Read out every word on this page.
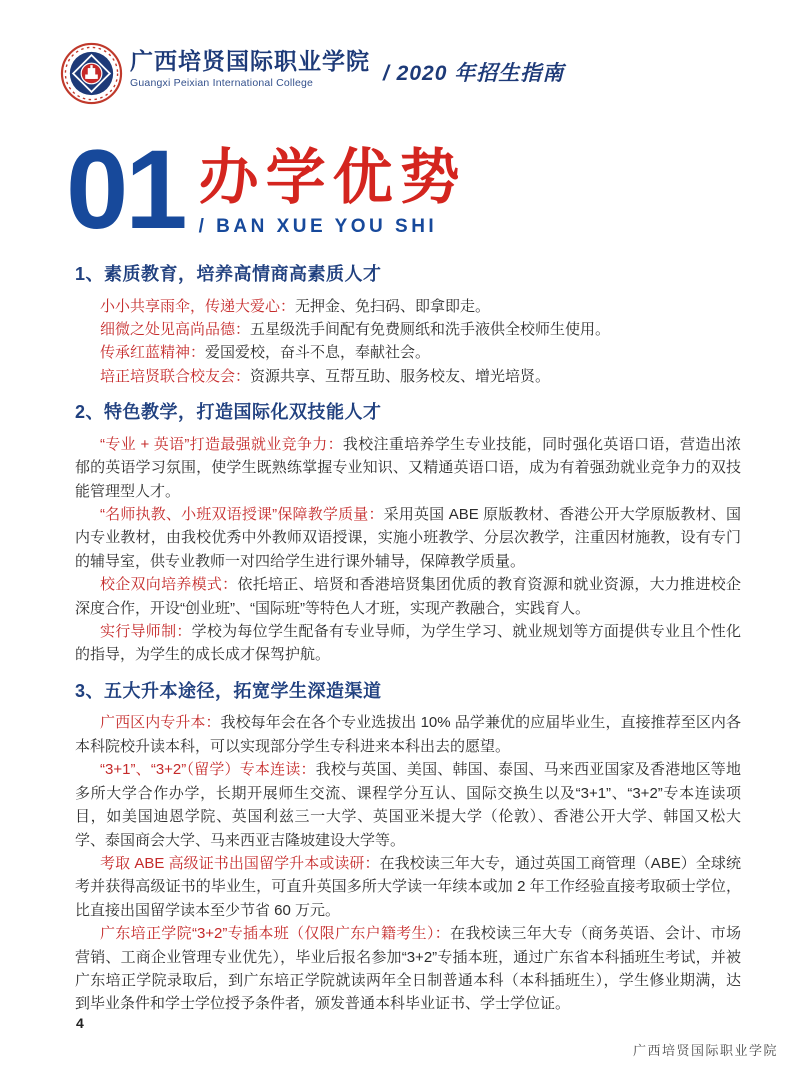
广西培贤国际职业学院
Guangxi Peixian International College	/ 2020 年招生指南
01 办学优势
/ BAN XUE YOU SHI
1、素质教育，培养高情商高素质人才

小小共享雨伞，传递大爱心：无押金、免扫码、即拿即走。

细微之处见高尚品德：五星级洗手间配有免费厕纸和洗手液供全校师生使用。

传承红蓝精神：爱国爱校，奋斗不息，奉献社会。

培正培贤联合校友会：资源共享、互帮互助、服务校友、增光培贤。

2、特色教学，打造国际化双技能人才

“专业 + 英语”打造最强就业竞争力：我校注重培养学生专业技能，同时强化英语口语，营造出浓郁的英语学习氛围，使学生既熟练掌握专业知识、又精通英语口语，成为有着强劲就业竞争力的双技能管理型人才。

“名师执教、小班双语授课”保障教学质量：采用英国 ABE 原版教材、香港公开大学原版教材、国内专业教材，由我校优秀中外教师双语授课，实施小班教学、分层次教学，注重因材施教，设有专门的辅导室，供专业教师一对四给学生进行课外辅导，保障教学质量。

校企双向培养模式：依托培正、培贤和香港培贤集团优质的教育资源和就业资源，大力推进校企深度合作，开设“创业班”、“国际班”等特色人才班，实现产教融合，实践育人。

实行导师制：学校为每位学生配备有专业导师，为学生学习、就业规划等方面提供专业且个性化的指导，为学生的成长成才保驾护航。

3、五大升本途径，拓宽学生深造渠道

广西区内专升本：我校每年会在各个专业选拔出 10% 品学兼优的应届毕业生，直接推荐至区内各本科院校升读本科，可以实现部分学生专科进来本科出去的愿望。

“3+1”、“3+2”（留学）专本连读：我校与英国、美国、韩国、泰国、马来西亚国家及香港地区等地多所大学合作办学，长期开展师生交流、课程学分互认、国际交换生以及“3+1”、“3+2”专本连读项目，如美国迪恩学院、英国利兹三一大学、英国亚米提大学（伦敦）、香港公开大学、韩国又松大学、泰国商会大学、马来西亚吉隆坡建设大学等。

考取 ABE 高级证书出国留学升本或读研：在我校读三年大专，通过英国工商管理（ABE）全球统考并获得高级证书的毕业生，可直升英国多所大学读一年续本或加 2 年工作经验直接考取硕士学位，比直接出国留学读本至少节省 60 万元。

广东培正学院“3+2”专插本班（仅限广东户籍考生）：在我校读三年大专（商务英语、会计、市场营销、工商企业管理专业优先），毕业后报名参加“3+2”专插本班，通过广东省本科插班生考试，并被广东培正学院录取后，到广东培正学院就读两年全日制普通本科（本科插班生），学生修业期满，达到毕业条件和学士学位授予条件者，颁发普通本科毕业证书、学士学位证。

4
广西培贤国际职业学院
